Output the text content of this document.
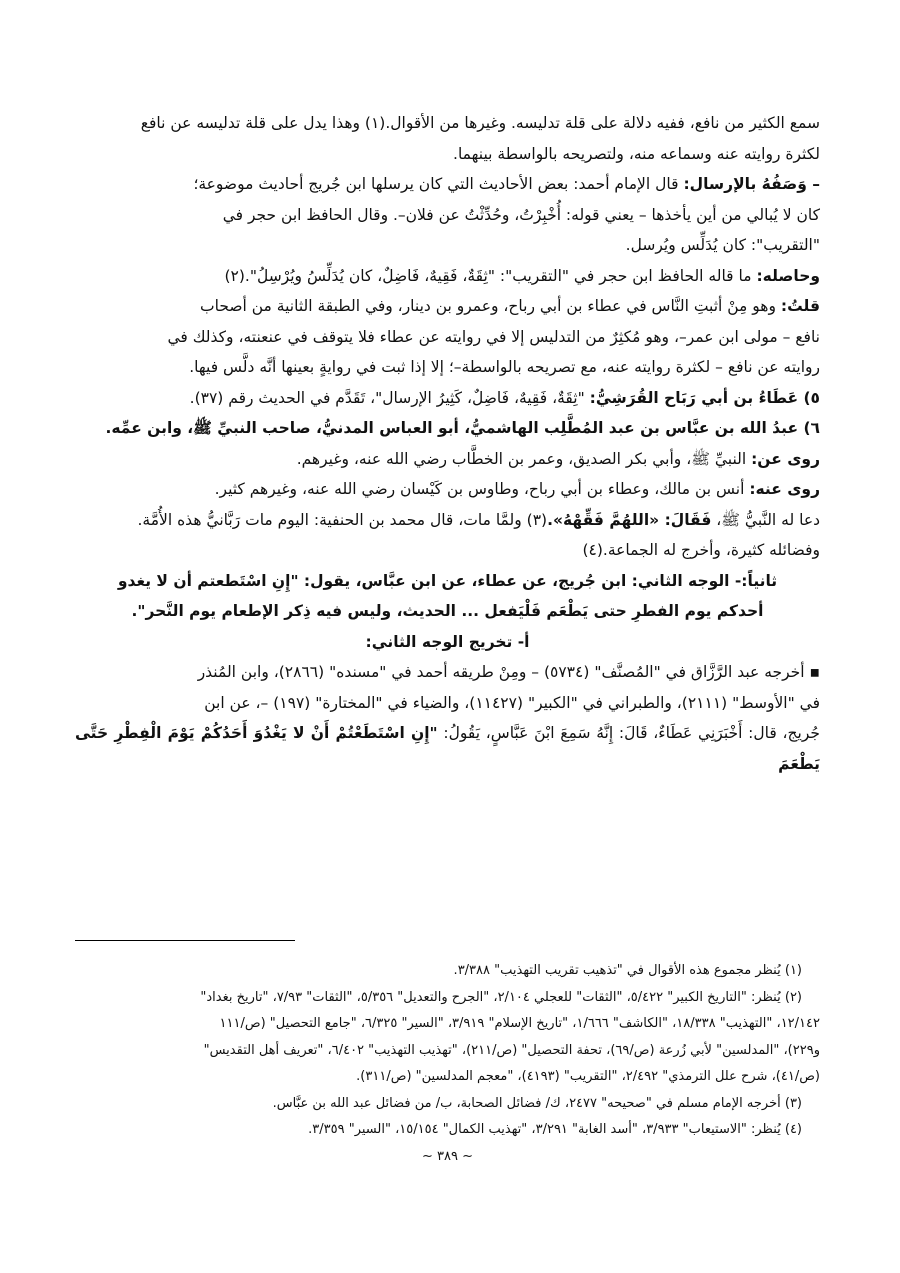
سمع الكثير من نافع، ففيه دلالة على قلة تدليسه. وغيرها من الأقوال.(١) وهذا يدل على قلة تدليسه عن نافع

لكثرة روايته عنه وسماعه منه، ولتصريحه بالواسطة بينهما.

– وَصَفُهُ بالإرسال: قال الإمام أحمد: بعض الأحاديث التي كان يرسلها ابن جُريج أحاديث موضوعة؛

كان لا يُبالي من أين يأخذها – يعني قوله: أُخْبِرْتُ، وحُدِّثْتُ عن فلان–. وقال الحافظ ابن حجر في

"التقريب": كان يُدَلِّس ويُرسل.

وحاصله: ما قاله الحافظ ابن حجر في "التقريب": "ثِقَةٌ، فَقِيهٌ، فَاضِلٌ، كان يُدَلِّسُ ويُرْسِلُ".(٢)

قلتُ: وهو مِنْ أثبتِ النَّاس في عطاء بن أبي رباح، وعمرو بن دينار، وفي الطبقة الثانية من أصحاب

نافع – مولى ابن عمر–، وهو مُكثِرٌ من التدليس إلا في روايته عن عطاء فلا يتوقف في عنعنته، وكذلك في

روايته عن نافع – لكثرة روايته عنه، مع تصريحه بالواسطة–؛ إلا إذا ثبت في روايةٍ بعينها أنَّه دلَّس فيها.

٥) عَطَاءُ بن أبي رَبَاح القُرَشِيُّ: "ثِقَةٌ، فَقِيهٌ، فَاضِلٌ، كَثِيرُ الإرسال"، تَقَدَّم في الحديث رقم (٣٧).

٦) عبدُ الله بن عبَّاس بن عبد المُطَّلِب الهاشميُّ، أبو العباس المدنيُّ، صاحب النبيِّ ﷺ، وابن عمِّه.

روى عن: النبيِّ ﷺ، وأبي بكر الصديق، وعمر بن الخطَّاب رضي الله عنه، وغيرهم.

روى عنه: أنس بن مالك، وعطاء بن أبي رباح، وطاوس بن كَيْسان رضي الله عنه، وغيرهم كثير.

دعا له النَّبيُّ ﷺ، فَقَالَ: «اللهُمَّ فَقِّهْهُ».(٣) ولمَّا مات، قال محمد بن الحنفية: اليوم مات رَبَّانيُّ هذه الأُمَّة.

وفضائله كثيرة، وأخرج له الجماعة.(٤)

ثانياً:- الوجه الثاني: ابن جُريج، عن عطاء، عن ابن عبَّاس، يقول: "إِنِ اسْتَطعتم أن لا يغدو

أحدكم يوم الفطرِ حتى يَطْعَم فَلْيَفعل ... الحديث، وليس فيه ذِكر الإطعام يوم النَّحر".

أ- تخريج الوجه الثاني:

▪ أخرجه عبد الرَّزَّاق في "المُصنَّف" (٥٧٣٤) – ومِنْ طريقه أحمد في "مسنده" (٢٨٦٦)، وابن المُنذر

في "الأوسط" (٢١١١)، والطبراني في "الكبير" (١١٤٢٧)، والضياء في "المختارة" (١٩٧) –، عن ابن

جُريج، قال: أَخْبَرَنِي عَطَاءٌ، قَالَ: إِنَّهُ سَمِعَ ابْنَ عَبَّاسٍ، يَقُولُ: "إِنِ اسْتَطَعْتُمْ أَنْ لا يَغْدُوَ أَحَدُكُمْ يَوْمَ الْفِطْرِ حَتَّى يَطْعَمَ

(١) يُنظر مجموع هذه الأقوال في "تذهيب تقريب التهذيب" ٣/٣٨٨.

(٢) يُنظر: "التاريخ الكبير" ٥/٤٢٢، "الثقات" للعجلي ٢/١٠٤، "الجرح والتعديل" ٥/٣٥٦، "الثقات" ٧/٩٣، "تاريخ بغداد"

١٢/١٤٢، "التهذيب" ١٨/٣٣٨، "الكاشف" ١/٦٦٦، "تاريخ الإسلام" ٣/٩١٩، "السير" ٦/٣٢٥، "جامع التحصيل" (ص/١١١

و٢٢٩)، "المدلسين" لأبي زُرعة (ص/٦٩)، تحفة التحصيل" (ص/٢١١)، "تهذيب التهذيب" ٦/٤٠٢، "تعريف أهل التقديس"

(ص/٤١)، شرح علل الترمذي" ٢/٤٩٢، "التقريب" (٤١٩٣)، "معجم المدلسين" (ص/٣١١).

(٣) أخرجه الإمام مسلم في "صحيحه" ٢٤٧٧، ك/ فضائل الصحابة، ب/ من فضائل عبد الله بن عبَّاس.

(٤) يُنظر: "الاستيعاب" ٣/٩٣٣، "أسد الغابة" ٣/٢٩١، "تهذيب الكمال" ١٥/١٥٤، "السير" ٣/٣٥٩.

~ ٣٨٩ ~
